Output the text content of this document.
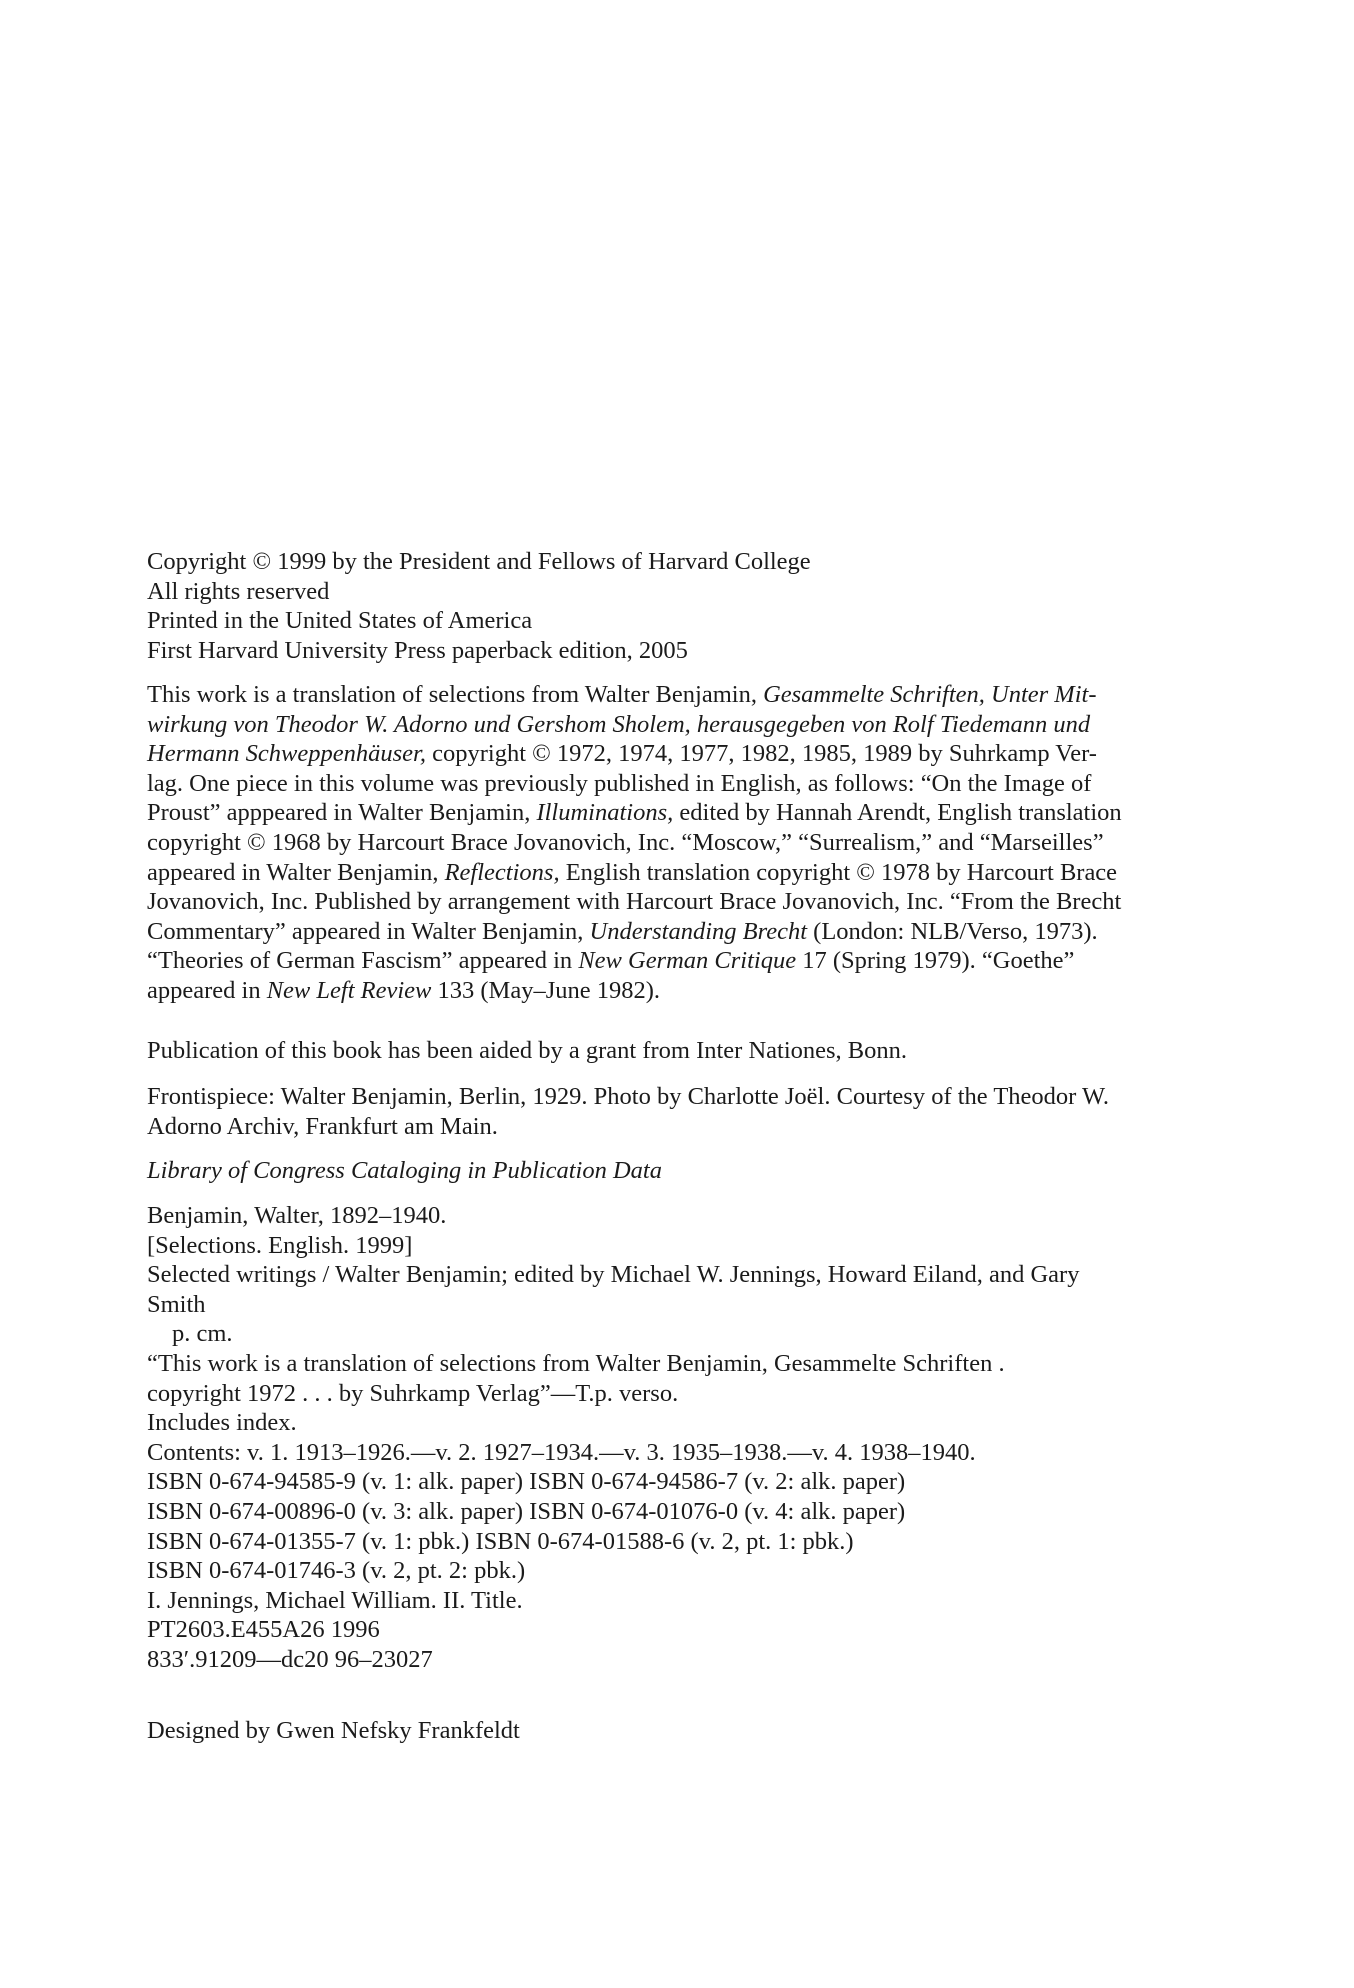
Copyright © 1999 by the President and Fellows of Harvard College
All rights reserved
Printed in the United States of America
First Harvard University Press paperback edition, 2005
This work is a translation of selections from Walter Benjamin, Gesammelte Schriften, Unter Mit-
wirkung von Theodor W. Adorno und Gershom Sholem, herausgegeben von Rolf Tiedemann und
Hermann Schweppenhäuser, copyright © 1972, 1974, 1977, 1982, 1985, 1989 by Suhrkamp Ver-
lag. One piece in this volume was previously published in English, as follows: “On the Image of
Proust” apppeared in Walter Benjamin, Illuminations, edited by Hannah Arendt, English translation
copyright © 1968 by Harcourt Brace Jovanovich, Inc. “Moscow,” “Surrealism,” and “Marseilles”
appeared in Walter Benjamin, Reflections, English translation copyright © 1978 by Harcourt Brace
Jovanovich, Inc. Published by arrangement with Harcourt Brace Jovanovich, Inc. “From the Brecht
Commentary” appeared in Walter Benjamin, Understanding Brecht (London: NLB/Verso, 1973).
“Theories of German Fascism” appeared in New German Critique 17 (Spring 1979). “Goethe”
appeared in New Left Review 133 (May–June 1982).
Publication of this book has been aided by a grant from Inter Nationes, Bonn.
Frontispiece: Walter Benjamin, Berlin, 1929. Photo by Charlotte Joël. Courtesy of the Theodor W.
Adorno Archiv, Frankfurt am Main.
Library of Congress Cataloging in Publication Data
Benjamin, Walter, 1892–1940.
[Selections. English. 1999]
Selected writings / Walter Benjamin; edited by Michael W. Jennings, Howard Eiland, and Gary
Smith
p. cm.
“This work is a translation of selections from Walter Benjamin, Gesammelte Schriften .
copyright 1972 . . . by Suhrkamp Verlag”—T.p. verso.
Includes index.
Contents: v. 1. 1913–1926.—v. 2. 1927–1934.—v. 3. 1935–1938.—v. 4. 1938–1940.
ISBN 0-674-94585-9 (v. 1: alk. paper) ISBN 0-674-94586-7 (v. 2: alk. paper)
ISBN 0-674-00896-0 (v. 3: alk. paper) ISBN 0-674-01076-0 (v. 4: alk. paper)
ISBN 0-674-01355-7 (v. 1: pbk.) ISBN 0-674-01588-6 (v. 2, pt. 1: pbk.)
ISBN 0-674-01746-3 (v. 2, pt. 2: pbk.)
I. Jennings, Michael William. II. Title.
PT2603.E455A26 1996
833′.91209—dc20 96–23027
Designed by Gwen Nefsky Frankfeldt
